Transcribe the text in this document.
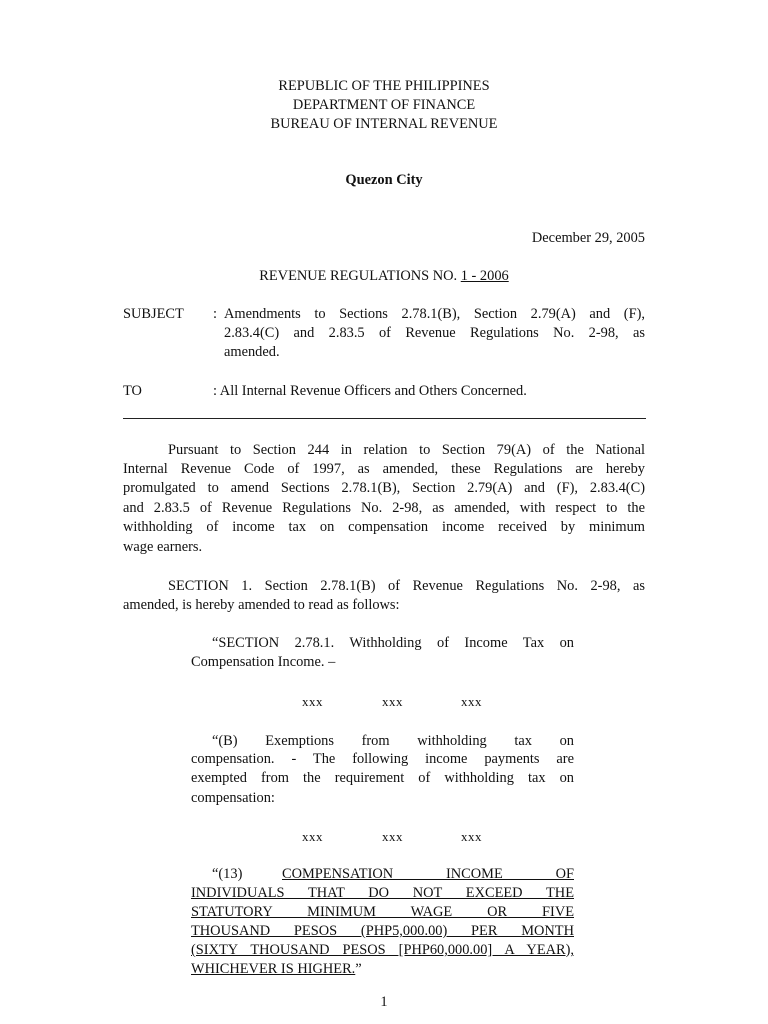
REPUBLIC OF THE PHILIPPINES
DEPARTMENT OF FINANCE
BUREAU OF INTERNAL REVENUE
Quezon City
December 29, 2005
REVENUE REGULATIONS NO. 1 - 2006
SUBJECT : Amendments to Sections 2.78.1(B), Section 2.79(A) and (F),
2.83.4(C) and 2.83.5 of Revenue Regulations No. 2-98, as
amended.
TO	: All Internal Revenue Officers and Others Concerned.
Pursuant to Section 244 in relation to Section 79(A) of the National
Internal Revenue Code of 1997, as amended, these Regulations are hereby
promulgated to amend Sections 2.78.1(B), Section 2.79(A) and (F), 2.83.4(C)
and 2.83.5 of Revenue Regulations No. 2-98, as amended, with respect to the
withholding of income tax on compensation income received by minimum
wage earners.
SECTION 1. Section 2.78.1(B) of Revenue Regulations No. 2-98, as
amended, is hereby amended to read as follows:
“SECTION 2.78.1. Withholding of Income Tax on
Compensation Income. –
xxx	xxx	xxx
“(B) Exemptions from withholding tax on
compensation. - The following income payments are
exempted from the requirement of withholding tax on
compensation:
xxx	xxx	xxx
“(13)	COMPENSATION INCOME OF
INDIVIDUALS THAT DO NOT EXCEED THE
STATUTORY MINIMUM WAGE OR FIVE
THOUSAND PESOS (PHP5,000.00) PER MONTH
(SIXTY THOUSAND PESOS [PHP60,000.00] A YEAR),
WHICHEVER IS HIGHER.”
1
